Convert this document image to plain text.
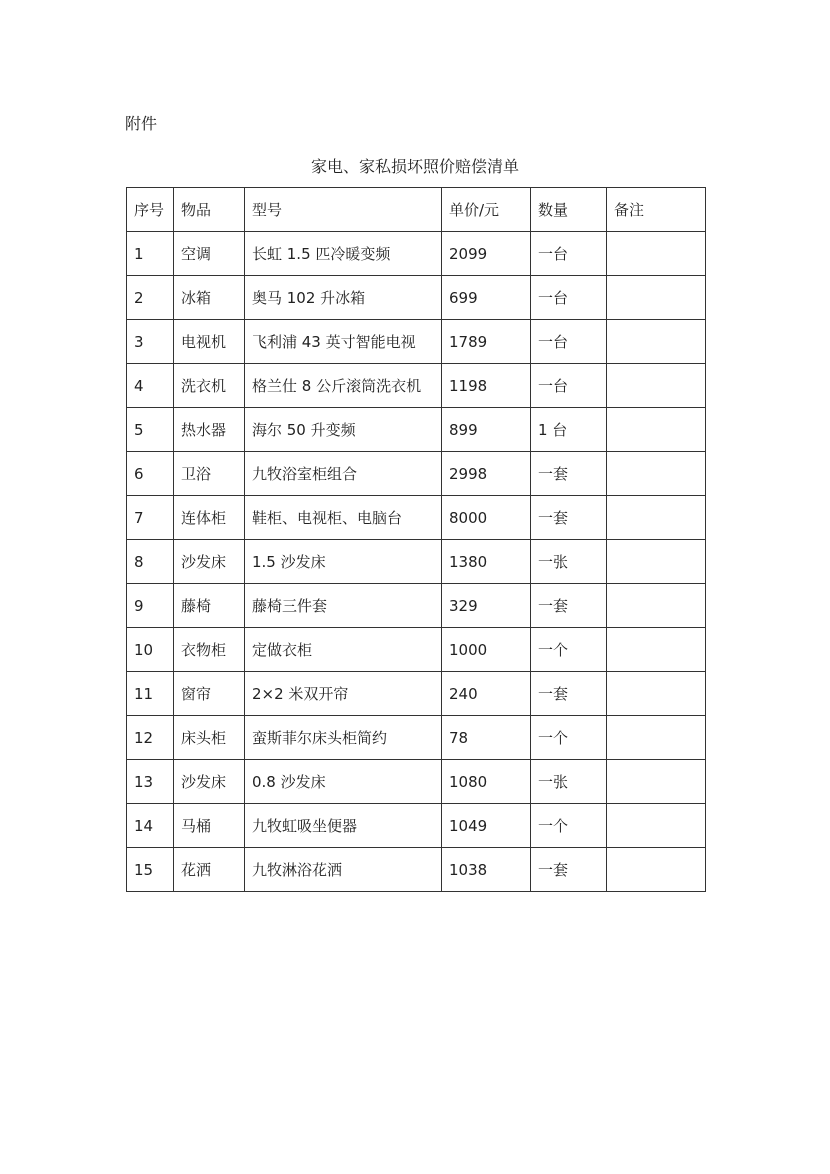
附件
家电、家私损坏照价赔偿清单
序号	物品	型号	单价/元	数量	备注
1	空调	长虹 1.5 匹冷暖变频	2099	一台	
2	冰箱	奥马 102 升冰箱	699	一台	
3	电视机	飞利浦 43 英寸智能电视	1789	一台	
4	洗衣机	格兰仕 8 公斤滚筒洗衣机	1198	一台	
5	热水器	海尔 50 升变频	899	1 台	
6	卫浴	九牧浴室柜组合	2998	一套	
7	连体柜	鞋柜、电视柜、电脑台	8000	一套	
8	沙发床	1.5 沙发床	1380	一张	
9	藤椅	藤椅三件套	329	一套	
10	衣物柜	定做衣柜	1000	一个	
11	窗帘	2×2 米双开帘	240	一套	
12	床头柜	蛮斯菲尔床头柜简约	78	一个	
13	沙发床	0.8 沙发床	1080	一张	
14	马桶	九牧虹吸坐便器	1049	一个	
15	花洒	九牧淋浴花洒	1038	一套	
